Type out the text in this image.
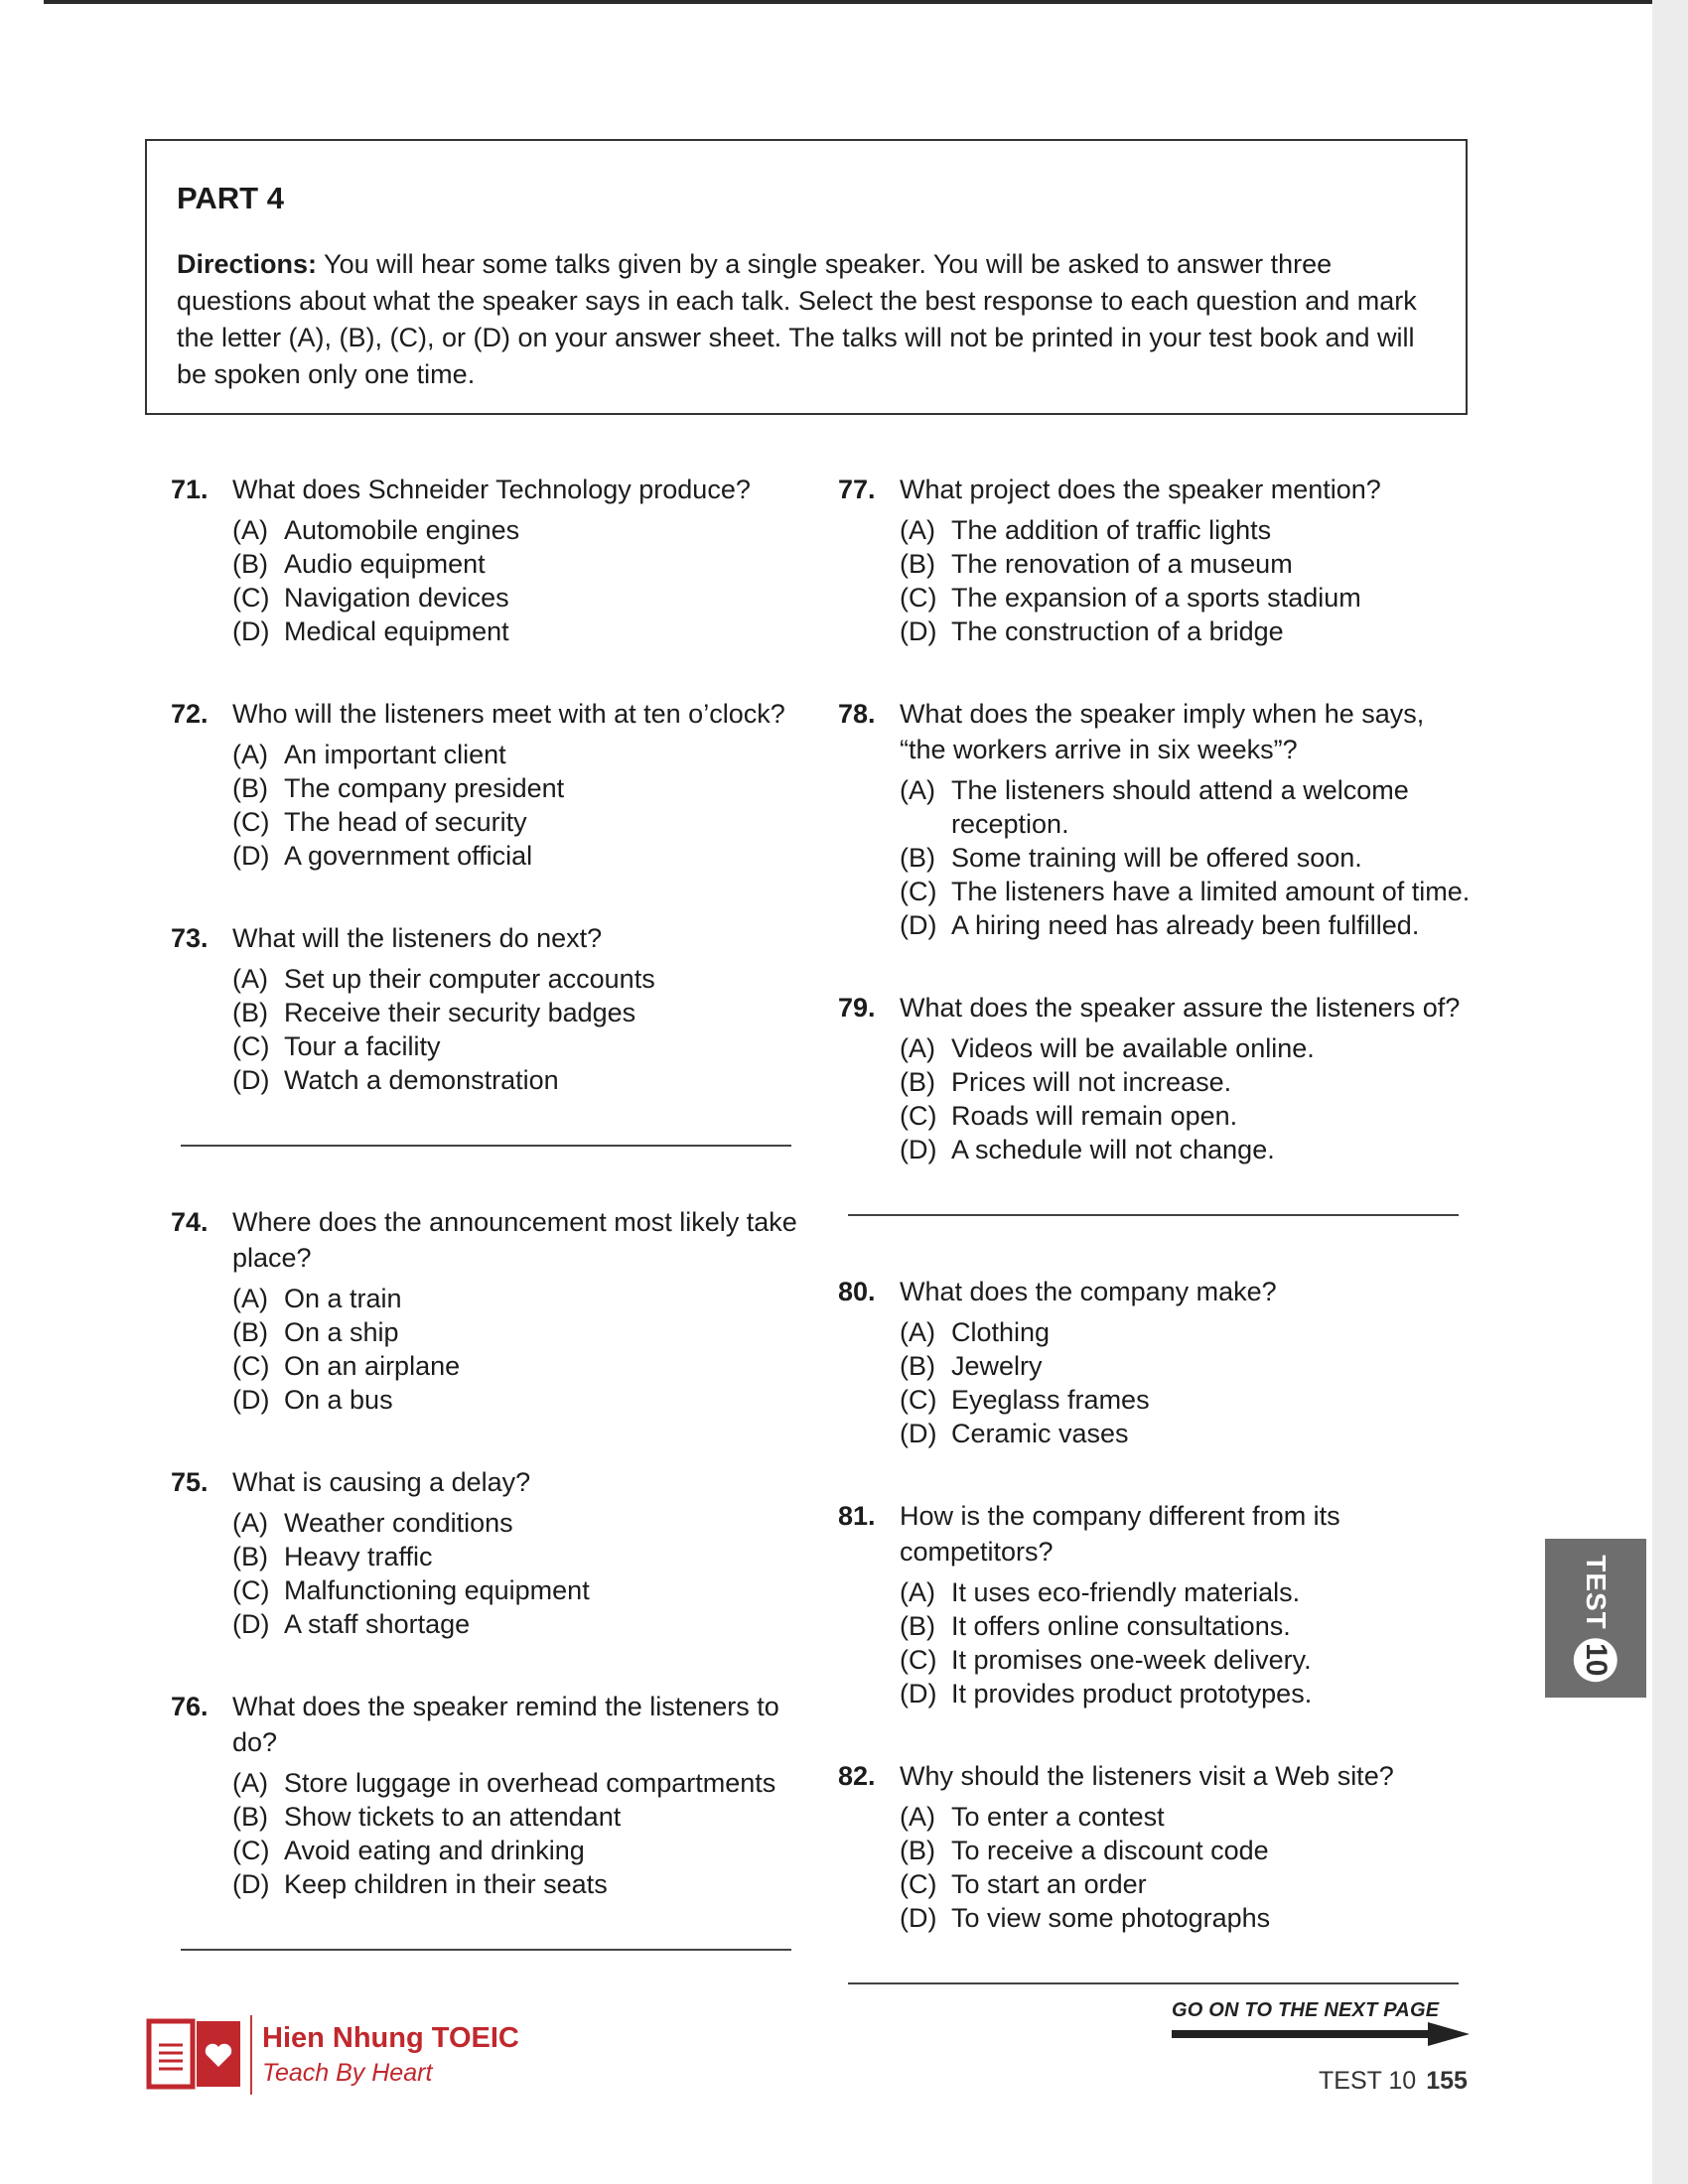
PART 4

Directions: You will hear some talks given by a single speaker. You will be asked to answer three questions about what the speaker says in each talk. Select the best response to each question and mark the letter (A), (B), (C), or (D) on your answer sheet. The talks will not be printed in your test book and will be spoken only one time.

71. What does Schneider Technology produce?
(A) Automobile engines
(B) Audio equipment
(C) Navigation devices
(D) Medical equipment
72. Who will the listeners meet with at ten o’clock?
(A) An important client
(B) The company president
(C) The head of security
(D) A government official
73. What will the listeners do next?
(A) Set up their computer accounts
(B) Receive their security badges
(C) Tour a facility
(D) Watch a demonstration
74. Where does the announcement most likely take place?
(A) On a train
(B) On a ship
(C) On an airplane
(D) On a bus
75. What is causing a delay?
(A) Weather conditions
(B) Heavy traffic
(C) Malfunctioning equipment
(D) A staff shortage
76. What does the speaker remind the listeners to do?
(A) Store luggage in overhead compartments
(B) Show tickets to an attendant
(C) Avoid eating and drinking
(D) Keep children in their seats
77. What project does the speaker mention?
(A) The addition of traffic lights
(B) The renovation of a museum
(C) The expansion of a sports stadium
(D) The construction of a bridge
78. What does the speaker imply when he says, “the workers arrive in six weeks”?
(A) The listeners should attend a welcome reception.
(B) Some training will be offered soon.
(C) The listeners have a limited amount of time.
(D) A hiring need has already been fulfilled.
79. What does the speaker assure the listeners of?
(A) Videos will be available online.
(B) Prices will not increase.
(C) Roads will remain open.
(D) A schedule will not change.
80. What does the company make?
(A) Clothing
(B) Jewelry
(C) Eyeglass frames
(D) Ceramic vases
81. How is the company different from its competitors?
(A) It uses eco-friendly materials.
(B) It offers online consultations.
(C) It promises one-week delivery.
(D) It provides product prototypes.
82. Why should the listeners visit a Web site?
(A) To enter a contest
(B) To receive a discount code
(C) To start an order
(D) To view some photographs
TEST
10
Hien Nhung TOEIC
Teach By Heart
GO ON TO THE NEXT PAGE
TEST 10 155
